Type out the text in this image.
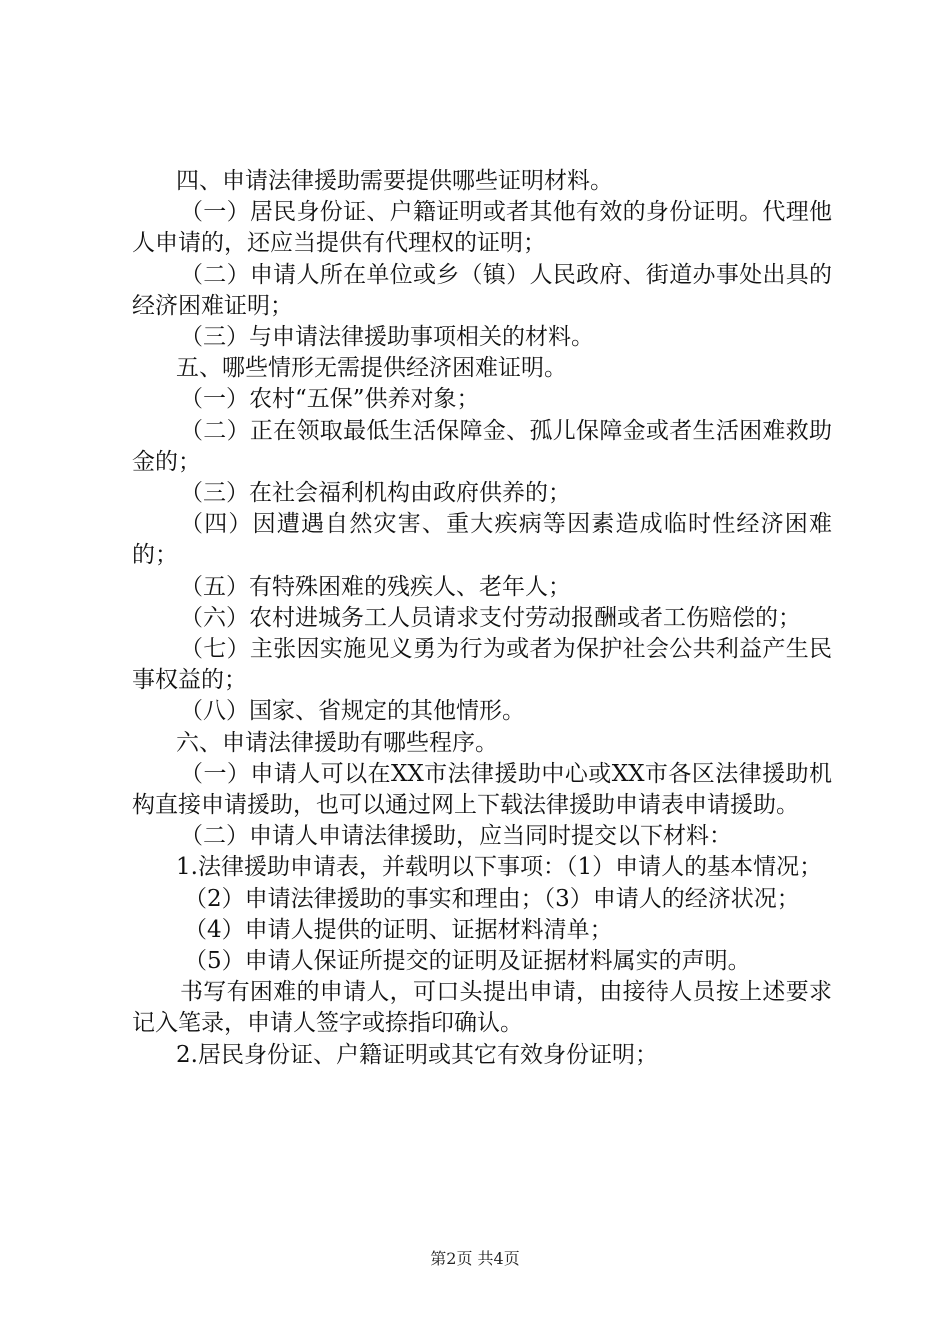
四、申请法律援助需要提供哪些证明材料。

（一）居民身份证、户籍证明或者其他有效的身份证明。代理他人申请的，还应当提供有代理权的证明；

（二）申请人所在单位或乡（镇）人民政府、街道办事处出具的经济困难证明；

（三）与申请法律援助事项相关的材料。

五、哪些情形无需提供经济困难证明。

（一）农村“五保”供养对象；

（二）正在领取最低生活保障金、孤儿保障金或者生活困难救助金的；

（三）在社会福利机构由政府供养的；

（四）因遭遇自然灾害、重大疾病等因素造成临时性经济困难的；

（五）有特殊困难的残疾人、老年人；

（六）农村进城务工人员请求支付劳动报酬或者工伤赔偿的；

（七）主张因实施见义勇为行为或者为保护社会公共利益产生民事权益的；

（八）国家、省规定的其他情形。

六、申请法律援助有哪些程序。

（一）申请人可以在XX市法律援助中心或XX市各区法律援助机构直接申请援助，也可以通过网上下载法律援助申请表申请援助。

（二）申请人申请法律援助，应当同时提交以下材料：

1.法律援助申请表，并载明以下事项：（1）申请人的基本情况；

（2）申请法律援助的事实和理由；（3）申请人的经济状况；

（4）申请人提供的证明、证据材料清单；

（5）申请人保证所提交的证明及证据材料属实的声明。

书写有困难的申请人，可口头提出申请，由接待人员按上述要求记入笔录，申请人签字或捺指印确认。

2.居民身份证、户籍证明或其它有效身份证明；

第2页 共4页
